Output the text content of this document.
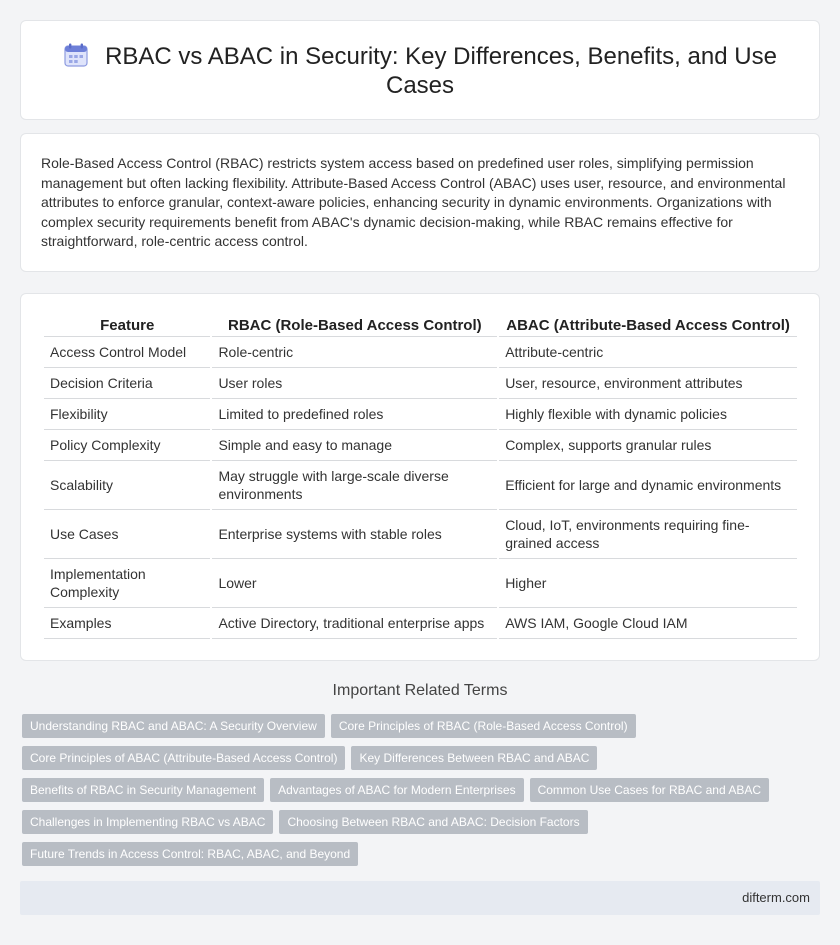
RBAC vs ABAC in Security: Key Differences, Benefits, and Use Cases

Role-Based Access Control (RBAC) restricts system access based on predefined user roles, simplifying permission management but often lacking flexibility. Attribute-Based Access Control (ABAC) uses user, resource, and environmental attributes to enforce granular, context-aware policies, enhancing security in dynamic environments. Organizations with complex security requirements benefit from ABAC's dynamic decision-making, while RBAC remains effective for straightforward, role-centric access control.

Feature	RBAC (Role-Based Access Control)	ABAC (Attribute-Based Access Control)
Access Control Model	Role-centric	Attribute-centric
Decision Criteria	User roles	User, resource, environment attributes
Flexibility	Limited to predefined roles	Highly flexible with dynamic policies
Policy Complexity	Simple and easy to manage	Complex, supports granular rules
Scalability	May struggle with large-scale diverse environments	Efficient for large and dynamic environments
Use Cases	Enterprise systems with stable roles	Cloud, IoT, environments requiring fine-grained access
Implementation Complexity	Lower	Higher
Examples	Active Directory, traditional enterprise apps	AWS IAM, Google Cloud IAM
Important Related Terms
Understanding RBAC and ABAC: A Security Overview Core Principles of RBAC (Role-Based Access Control)
Core Principles of ABAC (Attribute-Based Access Control) Key Differences Between RBAC and ABAC
Benefits of RBAC in Security Management Advantages of ABAC for Modern Enterprises Common Use Cases for RBAC and ABAC
Challenges in Implementing RBAC vs ABAC Choosing Between RBAC and ABAC: Decision Factors
Future Trends in Access Control: RBAC, ABAC, and Beyond
difterm.com
